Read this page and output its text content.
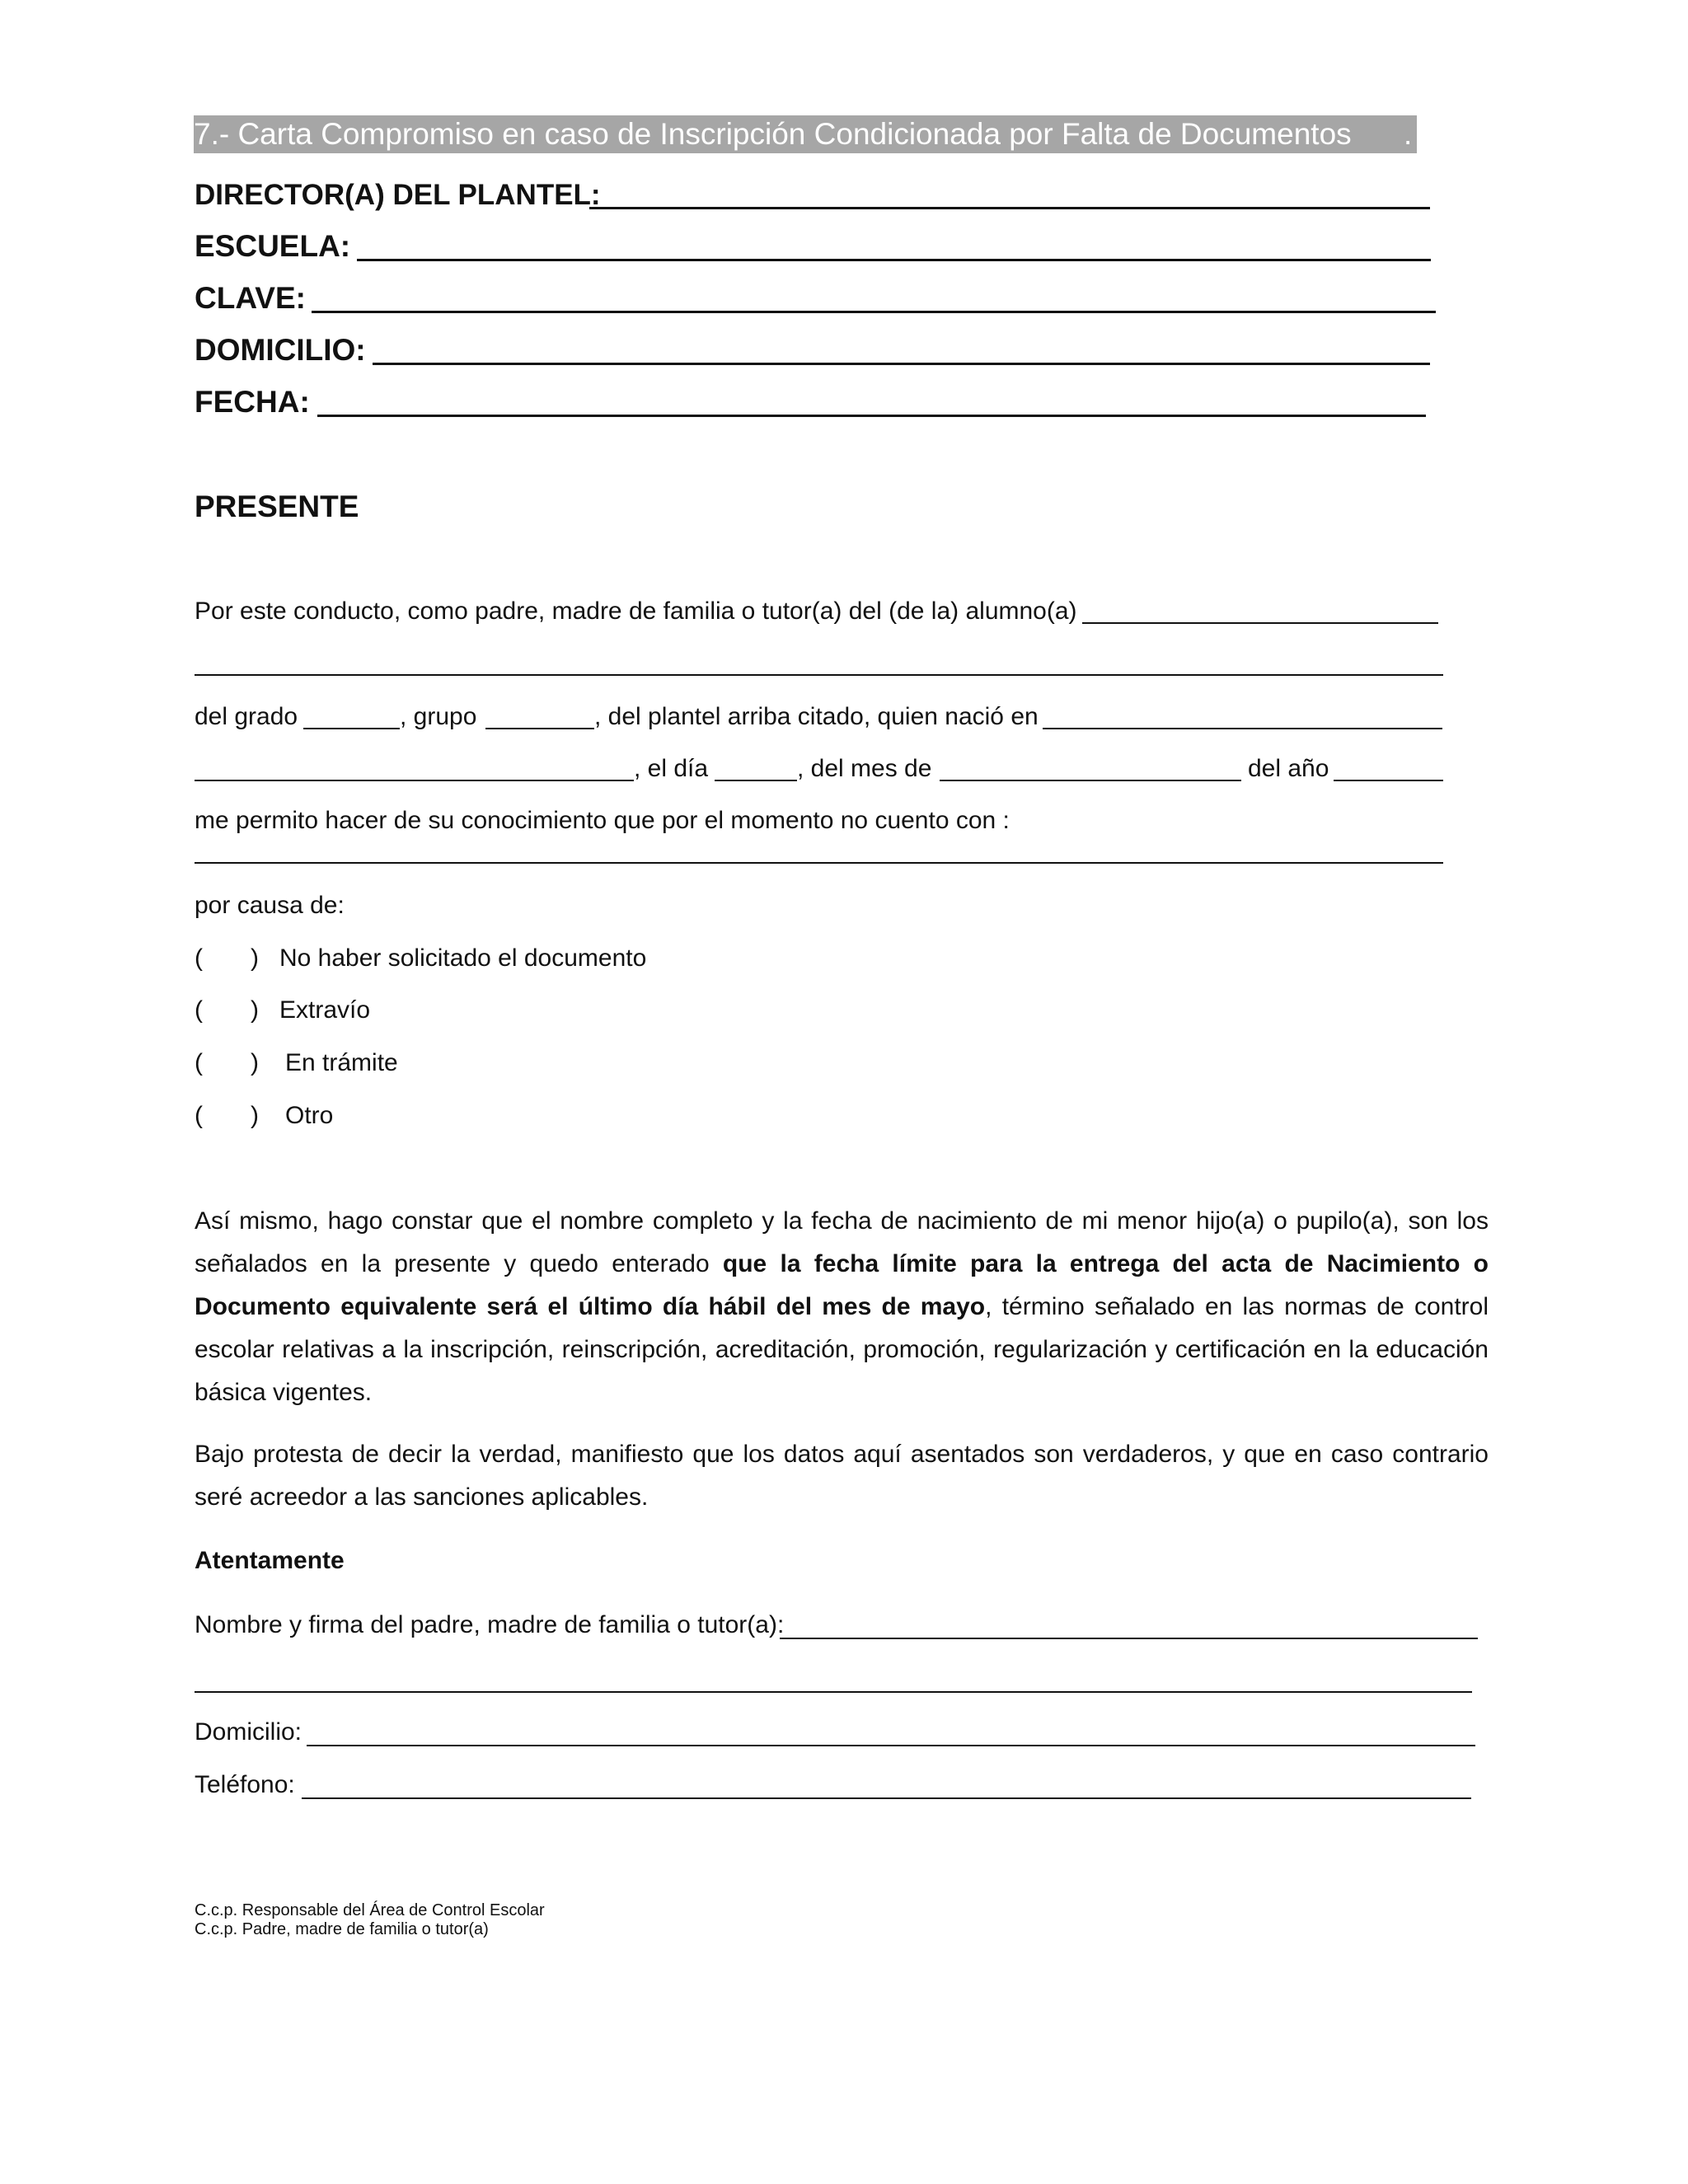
7.- Carta Compromiso en caso de Inscripción Condicionada por Falta de Documentos .
DIRECTOR(A) DEL PLANTEL:
ESCUELA:
CLAVE:
DOMICILIO:
FECHA:
PRESENTE
Por este conducto, como padre, madre de familia o tutor(a) del (de la) alumno(a)
del grado	, grupo	, del plantel arriba citado, quien nació en
, el día	, del mes de	del año
me permito hacer de su conocimiento que por el momento no cuento con :
por causa de:
( ) No haber solicitado el documento
( ) Extravío
( ) En trámite
( ) Otro
Así mismo, hago constar que el nombre completo y la fecha de nacimiento de mi menor hijo(a) o pupilo(a), son los señalados en la presente y quedo enterado que la fecha límite para la entrega del acta de Nacimiento o Documento equivalente será el último día hábil del mes de mayo, término señalado en las normas de control escolar relativas a la inscripción, reinscripción, acreditación, promoción, regularización y certificación en la educación básica vigentes.
Bajo protesta de decir la verdad, manifiesto que los datos aquí asentados son verdaderos, y que en caso contrario seré acreedor a las sanciones aplicables.
Atentamente
Nombre y firma del padre, madre de familia o tutor(a):
Domicilio:
Teléfono:
C.c.p. Responsable del Área de Control Escolar
C.c.p. Padre, madre de familia o tutor(a)
